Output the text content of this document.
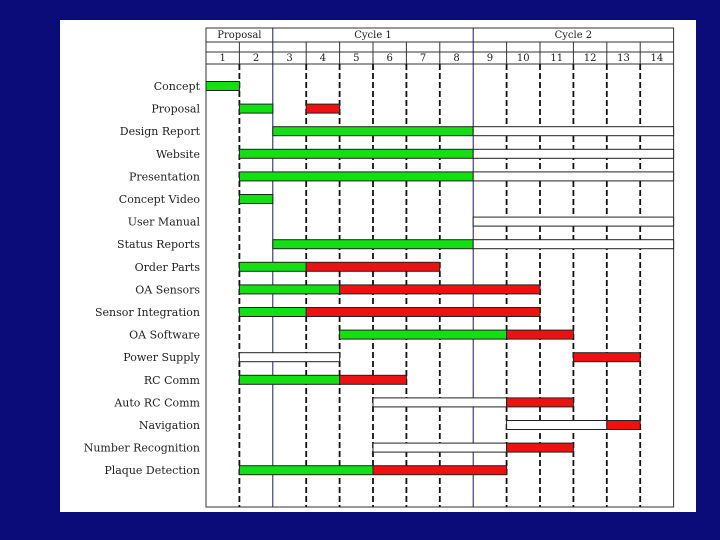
Proposal	Cycle 1	Cycle 2
1	2	3	4	5	6	7	8	9 10 11 12 13 14
Concept
Proposal
Design Report
Website
Presentation
Concept Video
User Manual
Status Reports
Order Parts
OA Sensors
Sensor Integration
OA Software
Power Supply
RC Comm
Auto RC Comm
Navigation
Number Recognition
Plaque Detection
